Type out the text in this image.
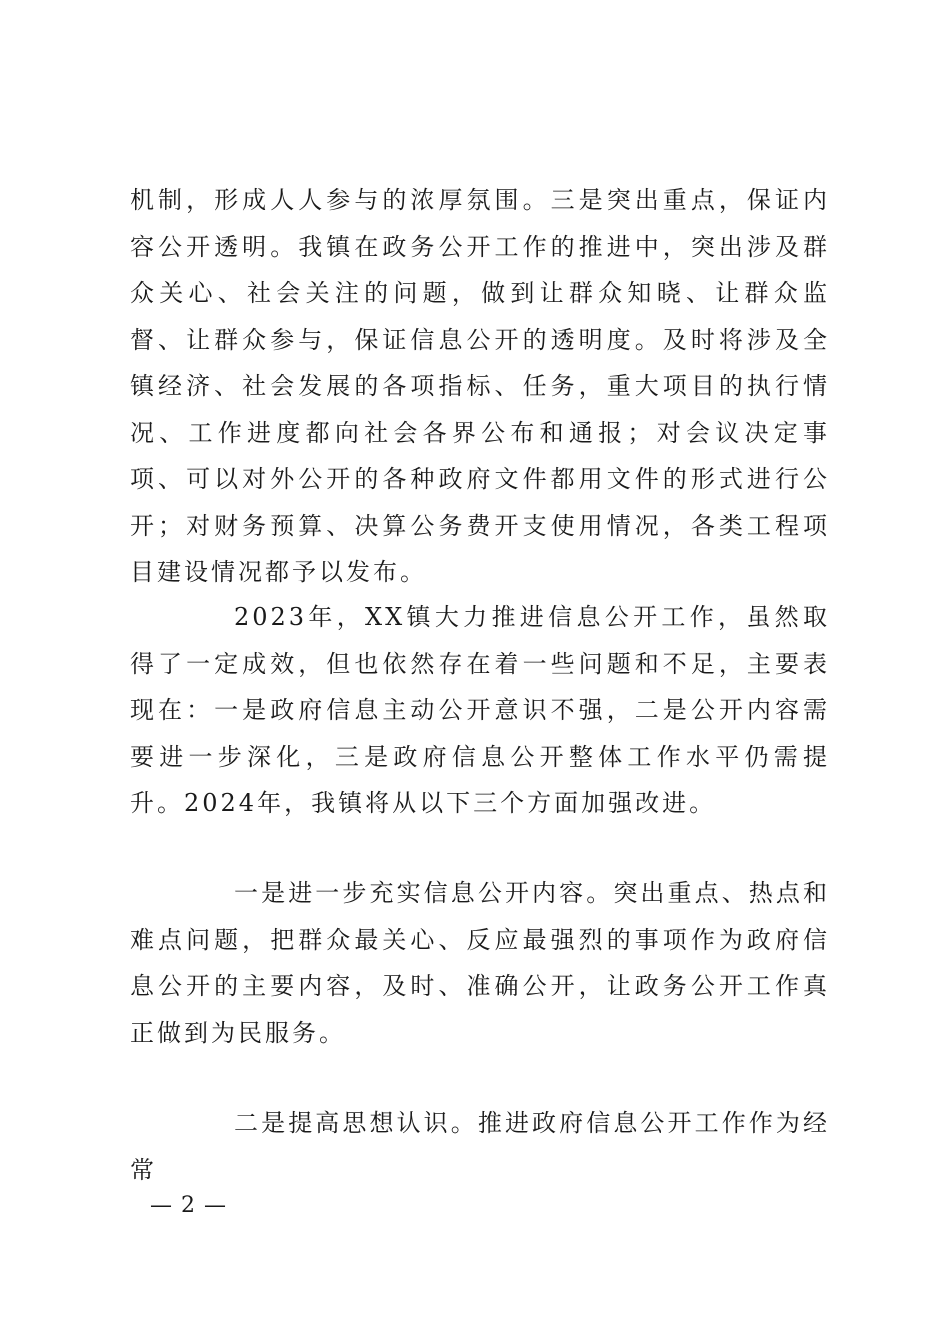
机制，形成人人参与的浓厚氛围。三是突出重点，保证内容公开透明。我镇在政务公开工作的推进中，突出涉及群众关心、社会关注的问题，做到让群众知晓、让群众监督、让群众参与，保证信息公开的透明度。及时将涉及全镇经济、社会发展的各项指标、任务，重大项目的执行情况、工作进度都向社会各界公布和通报；对会议决定事项、可以对外公开的各种政府文件都用文件的形式进行公开；对财务预算、决算公务费开支使用情况，各类工程项目建设情况都予以发布。

2023年，XX镇大力推进信息公开工作，虽然取得了一定成效，但也依然存在着一些问题和不足，主要表现在：一是政府信息主动公开意识不强，二是公开内容需要进一步深化，三是政府信息公开整体工作水平仍需提升。2024年，我镇将从以下三个方面加强改进。

一是进一步充实信息公开内容。突出重点、热点和难点问题，把群众最关心、反应最强烈的事项作为政府信息公开的主要内容，及时、准确公开，让政务公开工作真正做到为民服务。

二是提高思想认识。推进政府信息公开工作作为经常

— 2 —
